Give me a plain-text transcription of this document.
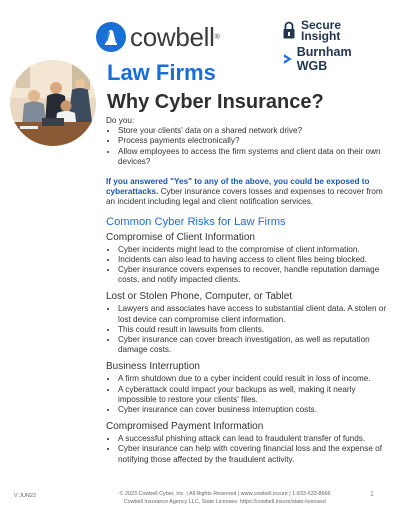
cowbell ®
Secure
Insight
Burnham WGB
Law Firms
Why Cyber Insurance?

Do you:

• Store your clients' data on a shared network drive?
• Process payments electronically?
• Allow employees to access the firm systems and client data on their own devices?

If you answered "Yes" to any of the above, you could be exposed to cyberattacks. Cyber insurance covers losses and expenses to recover from an incident including legal and client notification services.

Common Cyber Risks for Law Firms
Compromise of Client Information
• Cyber incidents might lead to the compromise of client information.
• Incidents can also lead to having access to client files being blocked.
• Cyber insurance covers expenses to recover, handle reputation damage costs, and notify impacted clients.
Lost or Stolen Phone, Computer, or Tablet
• Lawyers and associates have access to substantial client data. A stolen or lost device can compromise client information.
• This could result in lawsuits from clients.
• Cyber insurance can cover breach investigation, as well as reputation damage costs.
Business Interruption
• A firm shutdown due to a cyber incident could result in loss of income.
• A cyberattack could impact your backups as well, making it nearly impossible to restore your clients' files.
• Cyber insurance can cover business interruption costs.
Compromised Payment Information
• A successful phishing attack can lead to fraudulent transfer of funds.
• Cyber insurance can help with covering financial loss and the expense of notifying those affected by the fraudulent activity.
V JUN22	© 2023 Cowbell Cyber, Inc. | All Rights Reserved | www.cowbell.insure | 1-833-633-8666
Cowbell Insurance Agency LLC, State Licenses: https://cowbell.insure/state-licenses/
1
